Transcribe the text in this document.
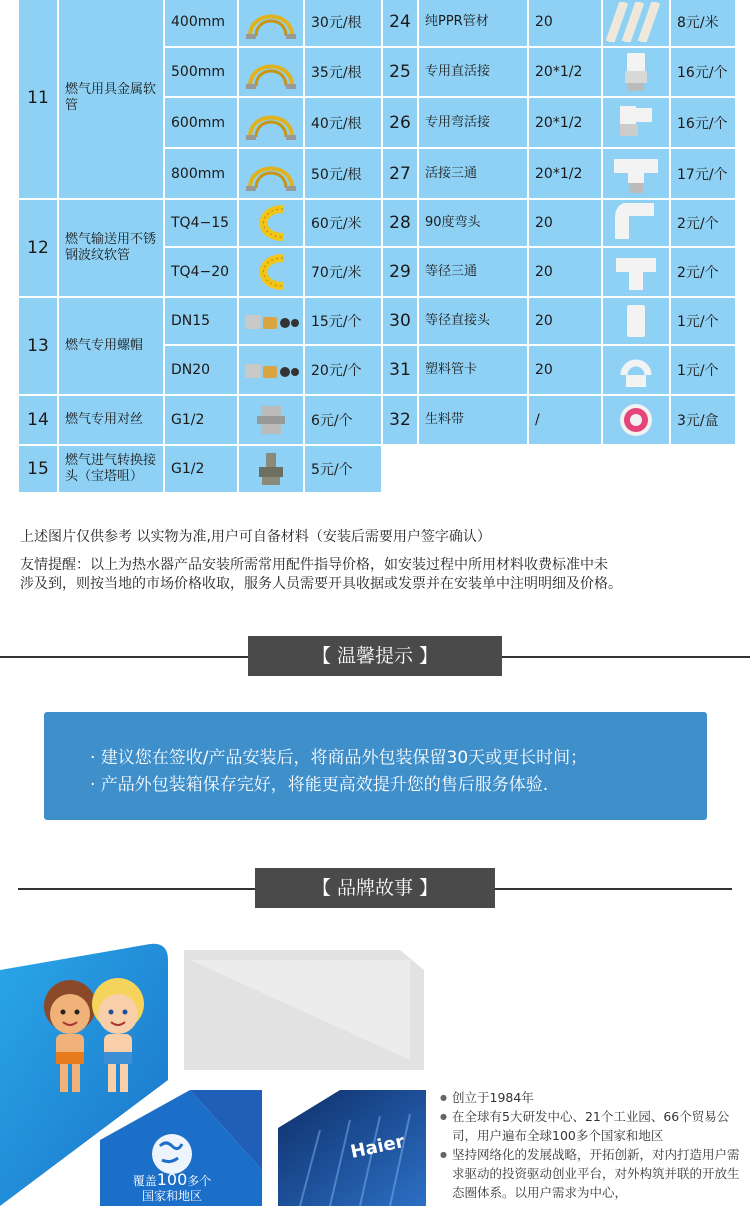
11	燃气用具金属软管	400mm		30元/根
		500mm		35元/根
		600mm		40元/根
		800mm		50元/根
12	燃气输送用不锈钢波纹软管	TQ4−15		60元/米
		TQ4−20		70元/米
13	燃气专用螺帽	DN15		15元/个
		DN20		20元/个
14	燃气专用对丝	G1/2		6元/个
15	燃气进气转换接头（宝塔咀）	G1/2		5元/个
24	纯PPR管材	20		8元/米
25	专用直活接	20*1/2		16元/个
26	专用弯活接	20*1/2		16元/个
27	活接三通	20*1/2		17元/个
28	90度弯头	20		2元/个
29	等径三通	20		2元/个
30	等径直接头	20		1元/个
31	塑料管卡	20		1元/个
32	生料带	/		3元/盒
上述图片仅供参考 以实物为准,用户可自备材料（安装后需要用户签字确认）
友情提醒：以上为热水器产品安装所需常用配件指导价格，如安装过程中所用材料收费标准中未
涉及到，则按当地的市场价格收取，服务人员需要开具收据或发票并在安装单中注明明细及价格。
【 温馨提示 】
· 建议您在签收/产品安装后，将商品外包装保留30天或更长时间；
· 产品外包装箱保存完好，将能更高效提升您的售后服务体验.
【 品牌故事 】
Haier
覆盖100多个
国家和地区
● 创立于1984年
● 在全球有5大研发中心、21个工业园、66个贸易公司，用户遍布全球100多个国家和地区
● 坚持网络化的发展战略，开拓创新，对内打造用户需求驱动的投资驱动创业平台，对外构筑并联的开放生态圈体系。以用户需求为中心，
